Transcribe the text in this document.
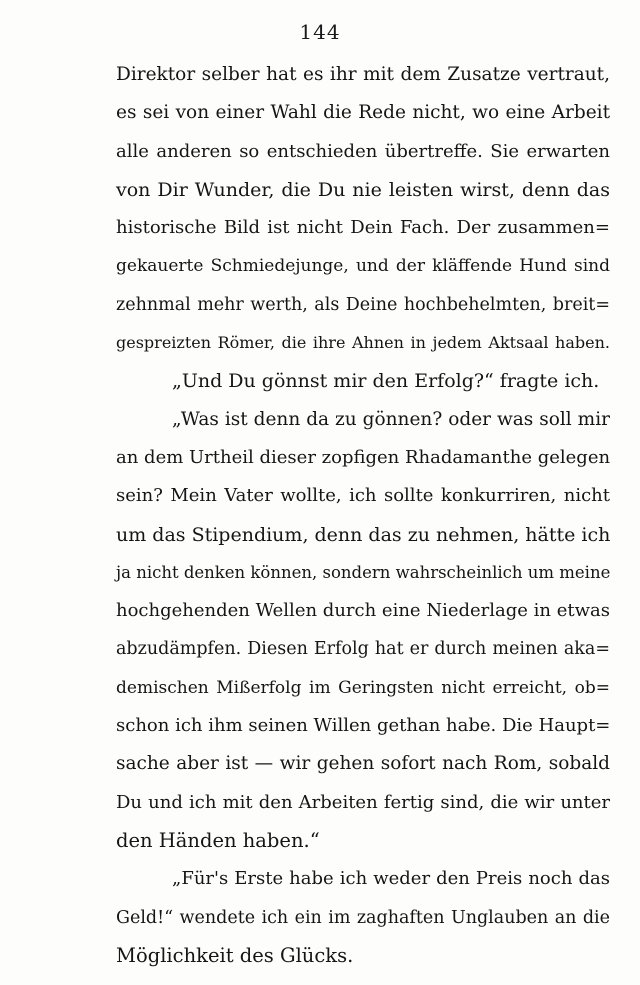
144
Direktor selber hat es ihr mit dem Zusatze vertraut,
es sei von einer Wahl die Rede nicht, wo eine Arbeit
alle anderen so entschieden übertreffe. Sie erwarten
von Dir Wunder, die Du nie leisten wirst, denn das
historische Bild ist nicht Dein Fach. Der zusammen=
gekauerte Schmiedejunge, und der kläffende Hund sind
zehnmal mehr werth, als Deine hochbehelmten, breit=
gespreizten Römer, die ihre Ahnen in jedem Aktsaal haben.
„Und Du gönnst mir den Erfolg?“ fragte ich.
„Was ist denn da zu gönnen? oder was soll mir
an dem Urtheil dieser zopfigen Rhadamanthe gelegen
sein? Mein Vater wollte, ich sollte konkurriren, nicht
um das Stipendium, denn das zu nehmen, hätte ich
ja nicht denken können, sondern wahrscheinlich um meine
hochgehenden Wellen durch eine Niederlage in etwas
abzudämpfen. Diesen Erfolg hat er durch meinen aka=
demischen Mißerfolg im Geringsten nicht erreicht, ob=
schon ich ihm seinen Willen gethan habe. Die Haupt=
sache aber ist — wir gehen sofort nach Rom, sobald
Du und ich mit den Arbeiten fertig sind, die wir unter
den Händen haben.“
„Für's Erste habe ich weder den Preis noch das
Geld!“ wendete ich ein im zaghaften Unglauben an die
Möglichkeit des Glücks.
